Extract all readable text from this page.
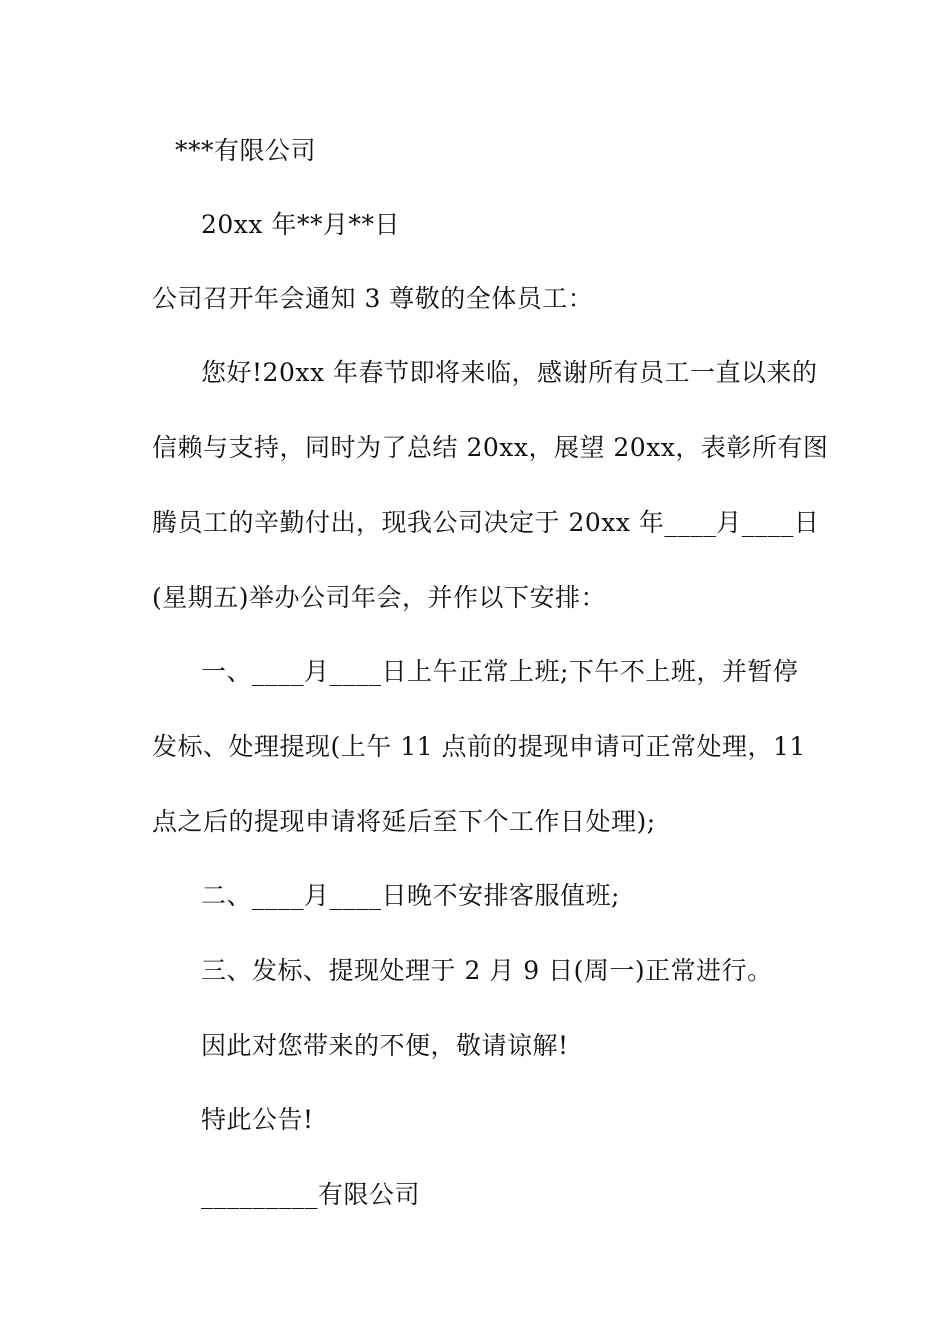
***有限公司
20xx 年**月**日
公司召开年会通知 3 尊敬的全体员工：
您好!20xx 年春节即将来临，感谢所有员工一直以来的
信赖与支持，同时为了总结 20xx，展望 20xx，表彰所有图
腾员工的辛勤付出，现我公司决定于 20xx 年____月____日
(星期五)举办公司年会，并作以下安排：
一、____月____日上午正常上班;下午不上班，并暂停
发标、处理提现(上午 11 点前的提现申请可正常处理，11
点之后的提现申请将延后至下个工作日处理);
二、____月____日晚不安排客服值班;
三、发标、提现处理于 2 月 9 日(周一)正常进行。
因此对您带来的不便，敬请谅解!
特此公告!
_________有限公司
